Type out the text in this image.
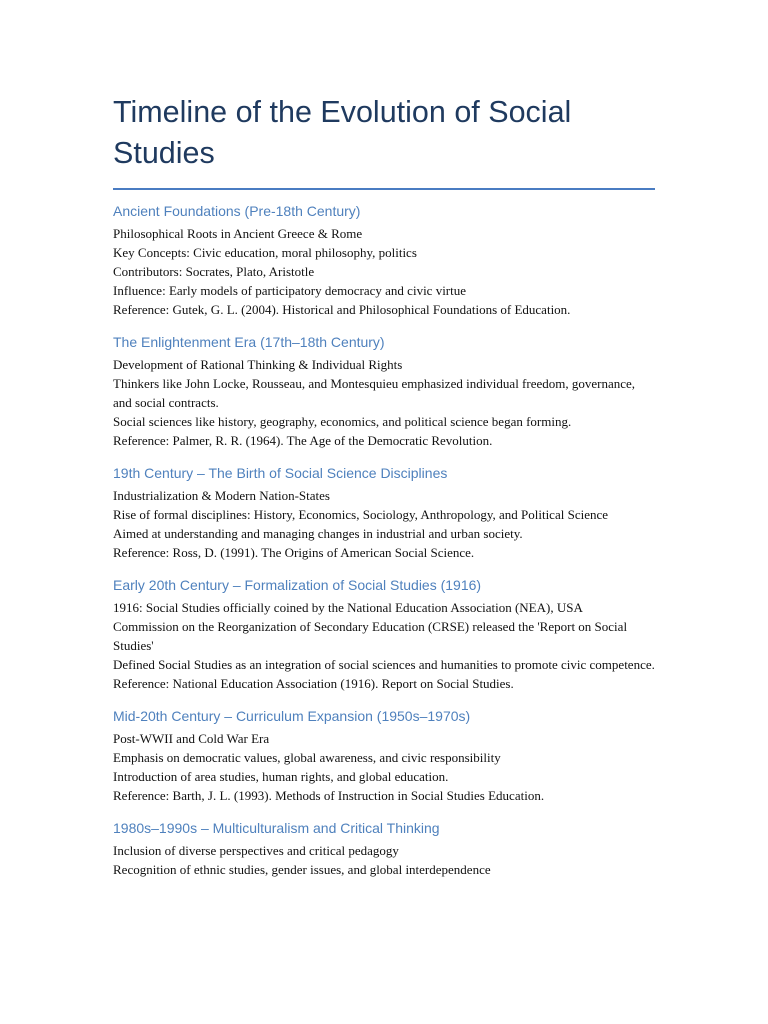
Timeline of the Evolution of Social Studies
Ancient Foundations (Pre-18th Century)

Philosophical Roots in Ancient Greece & Rome

Key Concepts: Civic education, moral philosophy, politics

Contributors: Socrates, Plato, Aristotle

Influence: Early models of participatory democracy and civic virtue

Reference: Gutek, G. L. (2004). Historical and Philosophical Foundations of Education.

The Enlightenment Era (17th–18th Century)

Development of Rational Thinking & Individual Rights

Thinkers like John Locke, Rousseau, and Montesquieu emphasized individual freedom, governance, and social contracts.

Social sciences like history, geography, economics, and political science began forming.

Reference: Palmer, R. R. (1964). The Age of the Democratic Revolution.

19th Century – The Birth of Social Science Disciplines

Industrialization & Modern Nation-States

Rise of formal disciplines: History, Economics, Sociology, Anthropology, and Political Science

Aimed at understanding and managing changes in industrial and urban society.

Reference: Ross, D. (1991). The Origins of American Social Science.

Early 20th Century – Formalization of Social Studies (1916)

1916: Social Studies officially coined by the National Education Association (NEA), USA

Commission on the Reorganization of Secondary Education (CRSE) released the 'Report on Social Studies'

Defined Social Studies as an integration of social sciences and humanities to promote civic competence.

Reference: National Education Association (1916). Report on Social Studies.

Mid-20th Century – Curriculum Expansion (1950s–1970s)

Post-WWII and Cold War Era

Emphasis on democratic values, global awareness, and civic responsibility

Introduction of area studies, human rights, and global education.

Reference: Barth, J. L. (1993). Methods of Instruction in Social Studies Education.

1980s–1990s – Multiculturalism and Critical Thinking

Inclusion of diverse perspectives and critical pedagogy

Recognition of ethnic studies, gender issues, and global interdependence
